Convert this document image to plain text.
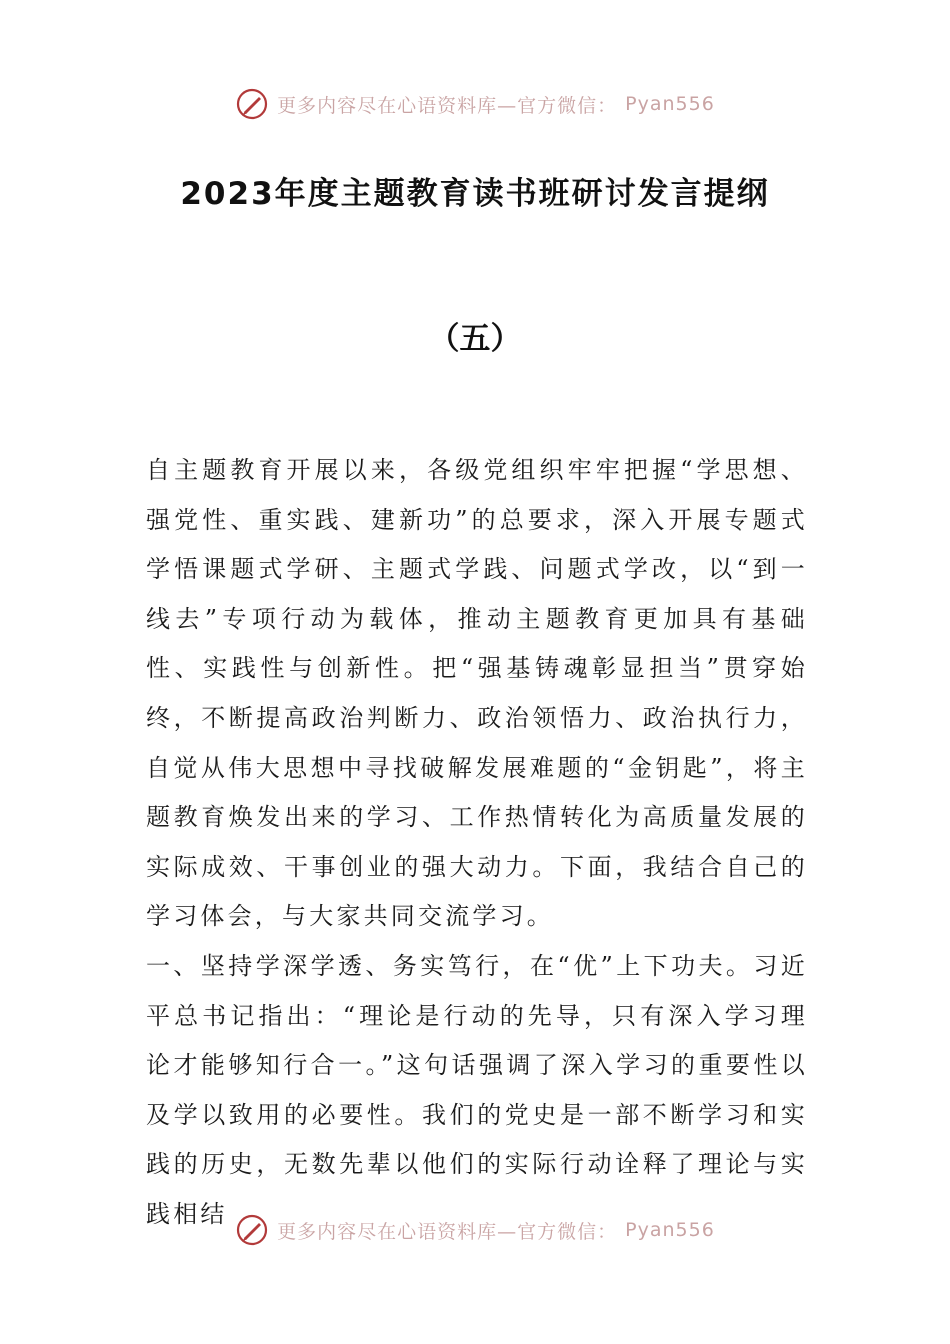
更多内容尽在心语资料库—官方微信： Pyan556
2023年度主题教育读书班研讨发言提纲
（五）

自主题教育开展以来，各级党组织牢牢把握“学思想、强党性、重实践、建新功”的总要求，深入开展专题式学悟课题式学研、主题式学践、问题式学改，以“到一线去”专项行动为载体，推动主题教育更加具有基础性、实践性与创新性。把“强基铸魂彰显担当”贯穿始终，不断提高政治判断力、政治领悟力、政治执行力，自觉从伟大思想中寻找破解发展难题的“金钥匙”，将主题教育焕发出来的学习、工作热情转化为高质量发展的实际成效、干事创业的强大动力。下面，我结合自己的学习体会，与大家共同交流学习。

一、坚持学深学透、务实笃行，在“优”上下功夫。习近平总书记指出：“理论是行动的先导，只有深入学习理论才能够知行合一。”这句话强调了深入学习的重要性以及学以致用的必要性。我们的党史是一部不断学习和实践的历史，无数先辈以他们的实际行动诠释了理论与实践相结

更多内容尽在心语资料库—官方微信： Pyan556
